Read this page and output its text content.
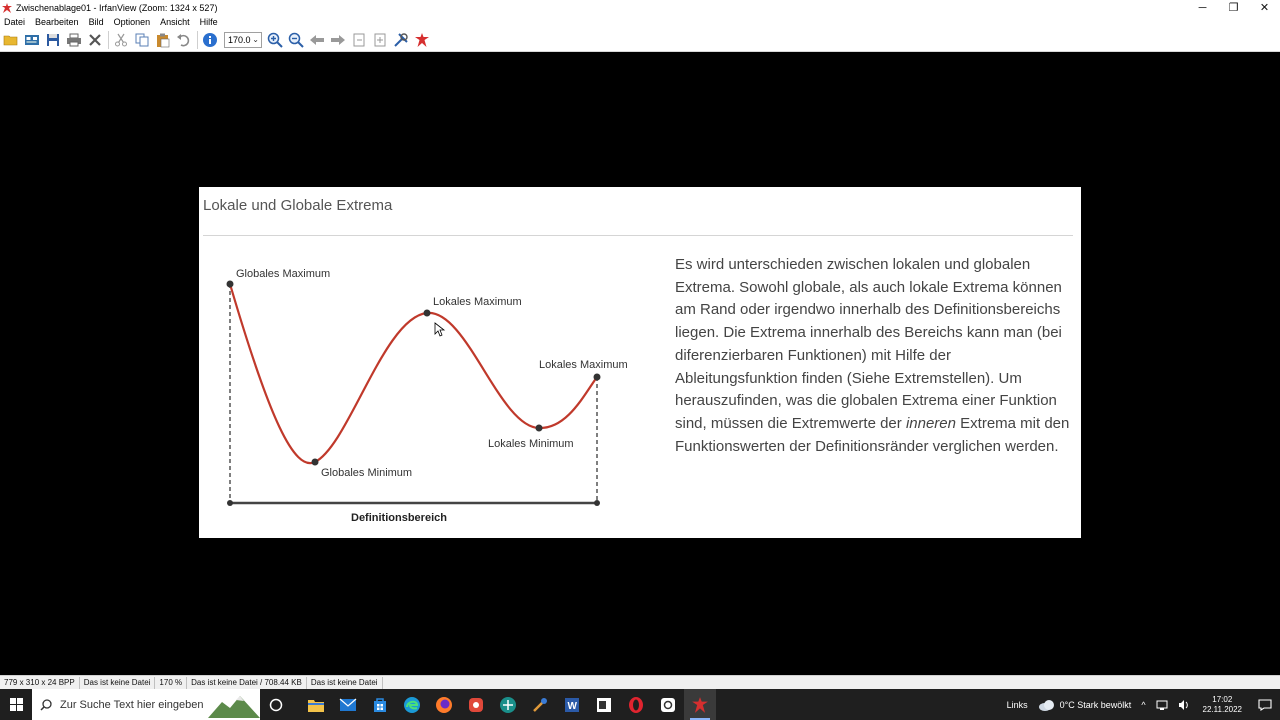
Zwischenablage01 - IrfanView (Zoom: 1324 x 527)	─	❐	✕
Datei	Bearbeiten	Bild	Optionen	Ansicht	Hilfe
170.0 ⌄
Lokale und Globale Extrema
Globales Maximum
Lokales Maximum
Lokales Maximum
Lokales Minimum
Globales Minimum
Definitionsbereich
Es wird unterschieden zwischen lokalen und globalen Extrema. Sowohl globale, als auch lokale Extrema können am Rand oder irgendwo innerhalb des Definitionsbereichs liegen. Die Extrema innerhalb des Bereichs kann man (bei diferenzierbaren Funktionen) mit Hilfe der Ableitungsfunktion finden (Siehe Extremstellen). Um herauszufinden, was die globalen Extrema einer Funktion sind, müssen die Extremwerte der inneren Extrema mit den Funktionswerten der Definitionsränder verglichen werden.
779 x 310 x 24 BPP	Das ist keine Datei	170 %	Das ist keine Datei / 708.44 KB	Das ist keine Datei
Zur Suche Text hier eingeben	W	Links	0°C Stark bewölkt	^
17:02
22.11.2022
